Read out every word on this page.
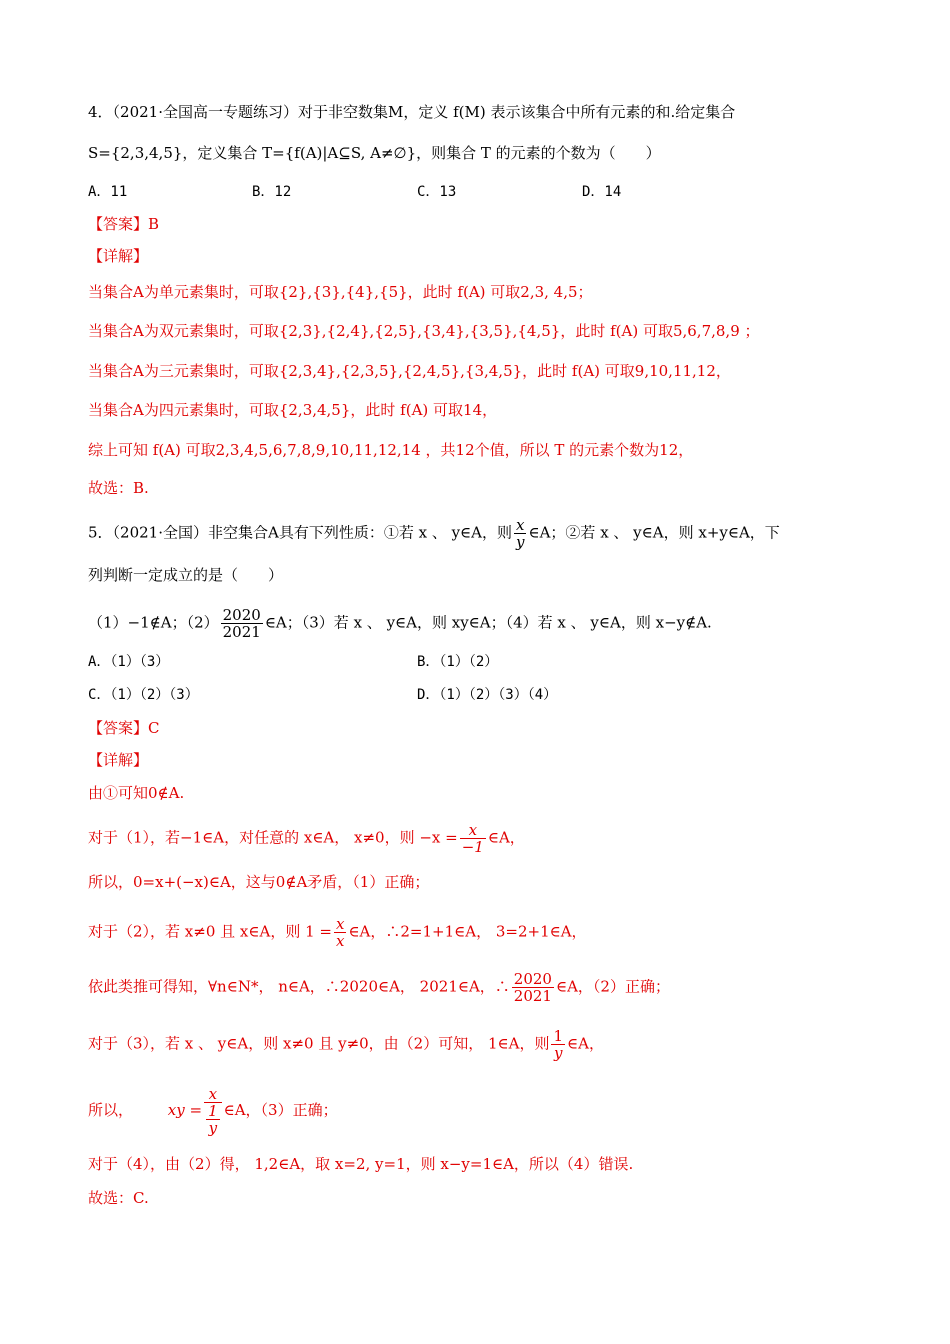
4．（2021·全国高一专题练习）对于非空数集M，定义 f(M) 表示该集合中所有元素的和.给定集合
S={2,3,4,5}，定义集合 T={f(A)|A⊆S, A≠∅}，则集合 T 的元素的个数为（　　）
A．11	B．12	C．13	D．14
【答案】B
【详解】
当集合A为单元素集时，可取{2},{3},{4},{5}，此时 f(A) 可取2,3, 4,5；
当集合A为双元素集时，可取{2,3},{2,4},{2,5},{3,4},{3,5},{4,5}，此时 f(A) 可取5,6,7,8,9 ；
当集合A为三元素集时，可取{2,3,4},{2,3,5},{2,4,5},{3,4,5}，此时 f(A) 可取9,10,11,12，
当集合A为四元素集时，可取{2,3,4,5}，此时 f(A) 可取14，
综上可知 f(A) 可取2,3,4,5,6,7,8,9,10,11,12,14 ，共12个值，所以 T 的元素个数为12，
故选：B.
5．（2021·全国）非空集合A具有下列性质：①若 x 、 y∈A，则 $\frac{x}{y}$ ∈A；②若 x 、 y∈A，则 x+y∈A，下
列判断一定成立的是（　　）
（1）−1∉A；$(2) \frac{2020}{2021}$ ∈A；（3）若 x 、 y∈A，则 xy∈A；（4）若 x 、 y∈A，则 x−y∉A.
A．（1）（3）	B．（1）（2）
C．（1）（2）（3）	D．（1）（2）（3）（4）
【答案】C
【详解】
由①可知0∉A.
对于（1），若−1∈A，对任意的 x∈A， x≠0，则 $-x = \frac{x}{-1}$ ∈A，
所以，0=x+(−x)∈A，这与0∉A矛盾，（1）正确；
对于（2），若 x≠0 且 x∈A，则 $1 = \frac{x}{x}$ ∈A，∴2=1+1∈A， 3=2+1∈A，
依此类推可得知，∀n∈N*， n∈A，∴2020∈A， 2021∈A，∴ $\frac{2020}{2021}$ ∈A，（2）正确；
对于（3），若 x 、 y∈A，则 x≠0 且 y≠0，由（2）可知， 1∈A，则 $\frac{1}{y}$ ∈A，
所以， xy = $\frac{x}{\frac{1}{y}}$ ∈A，（3）正确；
对于（4），由（2）得， 1,2∈A，取 x=2, y=1，则 x−y=1∈A，所以（4）错误.
故选：C.
